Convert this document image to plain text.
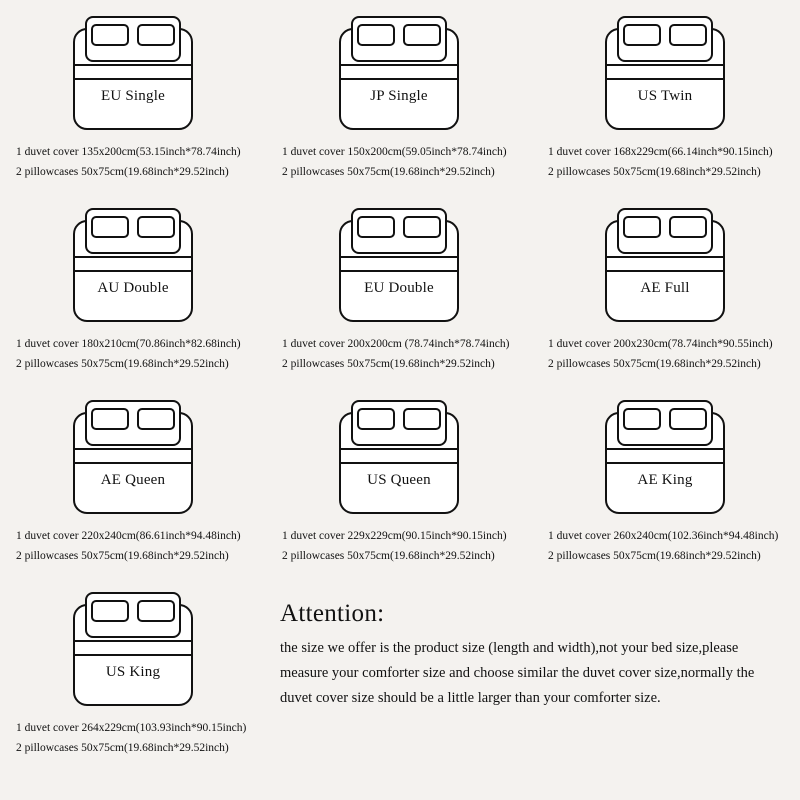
EU Single
1 duvet cover 135x200cm(53.15inch*78.74inch)
2 pillowcases 50x75cm(19.68inch*29.52inch)
JP Single
1 duvet cover 150x200cm(59.05inch*78.74inch)
2 pillowcases 50x75cm(19.68inch*29.52inch)
US Twin
1 duvet cover 168x229cm(66.14inch*90.15inch)
2 pillowcases 50x75cm(19.68inch*29.52inch)
AU Double
1 duvet cover 180x210cm(70.86inch*82.68inch)
2 pillowcases 50x75cm(19.68inch*29.52inch)
EU Double
1 duvet cover 200x200cm (78.74inch*78.74inch)
2 pillowcases 50x75cm(19.68inch*29.52inch)
AE Full
1 duvet cover 200x230cm(78.74inch*90.55inch)
2 pillowcases 50x75cm(19.68inch*29.52inch)
AE Queen
1 duvet cover 220x240cm(86.61inch*94.48inch)
2 pillowcases 50x75cm(19.68inch*29.52inch)
US Queen
1 duvet cover 229x229cm(90.15inch*90.15inch)
2 pillowcases 50x75cm(19.68inch*29.52inch)
AE King
1 duvet cover 260x240cm(102.36inch*94.48inch)
2 pillowcases 50x75cm(19.68inch*29.52inch)
US King
1 duvet cover 264x229cm(103.93inch*90.15inch)
2 pillowcases 50x75cm(19.68inch*29.52inch)
Attention:

the size we offer is the product size (length and width),not your bed size,please measure your comforter size and choose similar the duvet cover size,normally the duvet cover size should be a little larger than your comforter size.
